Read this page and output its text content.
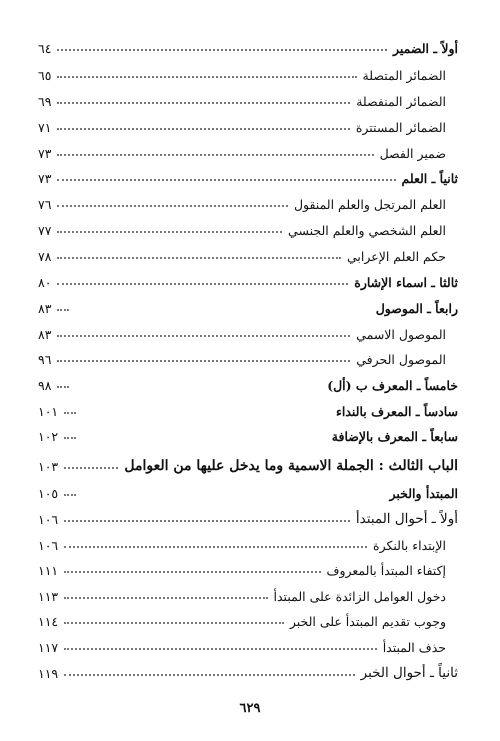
٦٤	أولاً ـ الضمير
٦٥	الضمائر المتصلة
٦٩	الضمائر المنفصلة
٧١	الضمائر المستترة
٧٣	ضمير الفصل
٧٣	ثانياً ـ العلم
٧٦	العلم المرتجل والعلم المنقول
٧٧	العلم الشخصي والعلم الجنسي
٧٨	حكم العلم الإعرابي
٨٠	ثالثا ـ اسماء الإشارة
٨٣	رابعاً ـ الموصول
٨٣	الموصول الاسمي
٩٦	الموصول الحرفي
٩٨	خامساً ـ المعرف ب (أل)
١٠١	سادساً ـ المعرف بالنداء
١٠٢	سابعاً ـ المعرف بالإضافة
١٠٣	الباب الثالث : الجملة الاسمية وما يدخل عليها من العوامل
١٠٥	المبتدأ والخبر
١٠٦	أولاً ـ أحوال المبتدأ
١٠٦	الإبتداء بالنكرة
١١١	إكتفاء المبتدأ بالمعروف
١١٣	دخول العوامل الزائدة على المبتدأ
١١٤	وجوب تقديم المبتدأ على الخبر
١١٧	حذف المبتدأ
١١٩	ثانياً ـ أحوال الخبر
٦٢٩
